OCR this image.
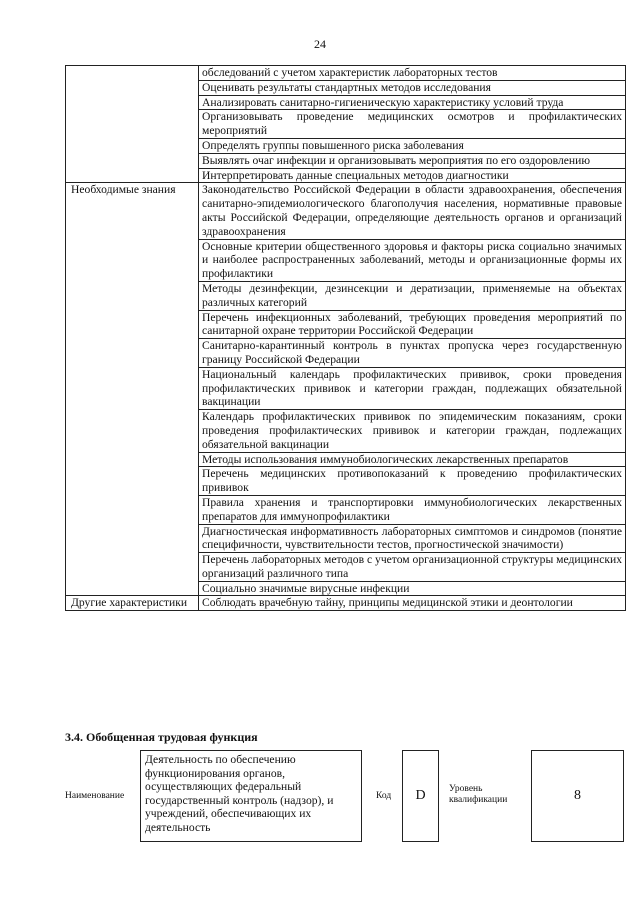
24
	обследований с учетом характеристик лабораторных тестов
	Оценивать результаты стандартных методов исследования
	Анализировать санитарно-гигиеническую характеристику условий труда
	Организовывать проведение медицинских осмотров и профилактических мероприятий
	Определять группы повышенного риска заболевания
	Выявлять очаг инфекции и организовывать мероприятия по его оздоровлению
	Интерпретировать данные специальных методов диагностики
Необходимые знания	Законодательство Российской Федерации в области здравоохранения, обеспечения санитарно-эпидемиологического благополучия населения, нормативные правовые акты Российской Федерации, определяющие деятельность органов и организаций здравоохранения
	Основные критерии общественного здоровья и факторы риска социально значимых и наиболее распространенных заболеваний, методы и организационные формы их профилактики
	Методы дезинфекции, дезинсекции и дератизации, применяемые на объектах различных категорий
	Перечень инфекционных заболеваний, требующих проведения мероприятий по санитарной охране территории Российской Федерации
	Санитарно-карантинный контроль в пунктах пропуска через государственную границу Российской Федерации
	Национальный календарь профилактических прививок, сроки проведения профилактических прививок и категории граждан, подлежащих обязательной вакцинации
	Календарь профилактических прививок по эпидемическим показаниям, сроки проведения профилактических прививок и категории граждан, подлежащих обязательной вакцинации
	Методы использования иммунобиологических лекарственных препаратов
	Перечень медицинских противопоказаний к проведению профилактических прививок
	Правила хранения и транспортировки иммунобиологических лекарственных препаратов для иммунопрофилактики
	Диагностическая информативность лабораторных симптомов и синдромов (понятие специфичности, чувствительности тестов, прогностической значимости)
	Перечень лабораторных методов с учетом организационной структуры медицинских организаций различного типа
	Социально значимые вирусные инфекции
Другие характеристики	Соблюдать врачебную тайну, принципы медицинской этики и деонтологии
3.4. Обобщенная трудовая функция
Наименование
Деятельность по обеспечению функционирования органов, осуществляющих федеральный государственный контроль (надзор), и учреждений, обеспечивающих их деятельность
Код	D	Уровень квалификации	8
